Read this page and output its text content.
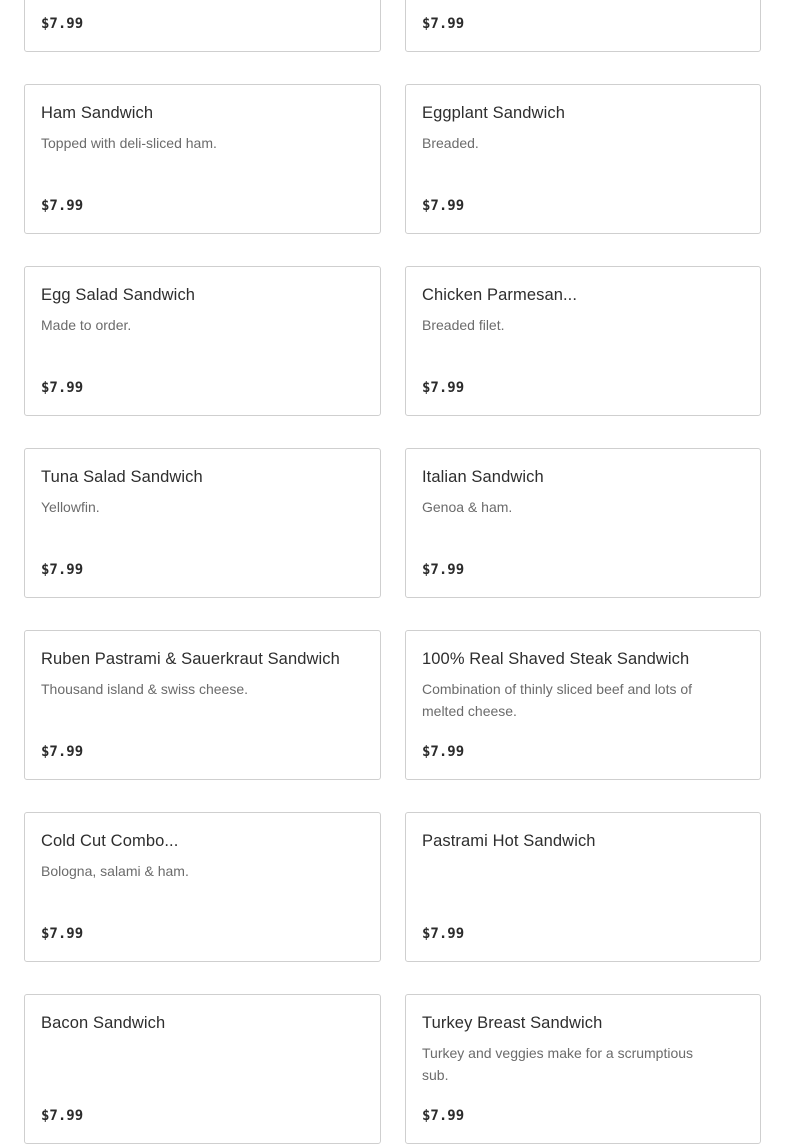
$7.99	$7.99
Ham Sandwich
Topped with deli-sliced ham.
$7.99
Eggplant Sandwich
Breaded.
$7.99
Egg Salad Sandwich
Made to order.
$7.99
Chicken Parmesan...
Breaded filet.
$7.99
Tuna Salad Sandwich
Yellowfin.
$7.99
Italian Sandwich
Genoa & ham.
$7.99
Ruben Pastrami & Sauerkraut Sandwich
Thousand island & swiss cheese.
$7.99
100% Real Shaved Steak Sandwich
Combination of thinly sliced beef and lots of melted cheese.
$7.99
Cold Cut Combo...
Bologna, salami & ham.
$7.99
Pastrami Hot Sandwich
$7.99
Bacon Sandwich
$7.99
Turkey Breast Sandwich
Turkey and veggies make for a scrumptious sub.
$7.99
